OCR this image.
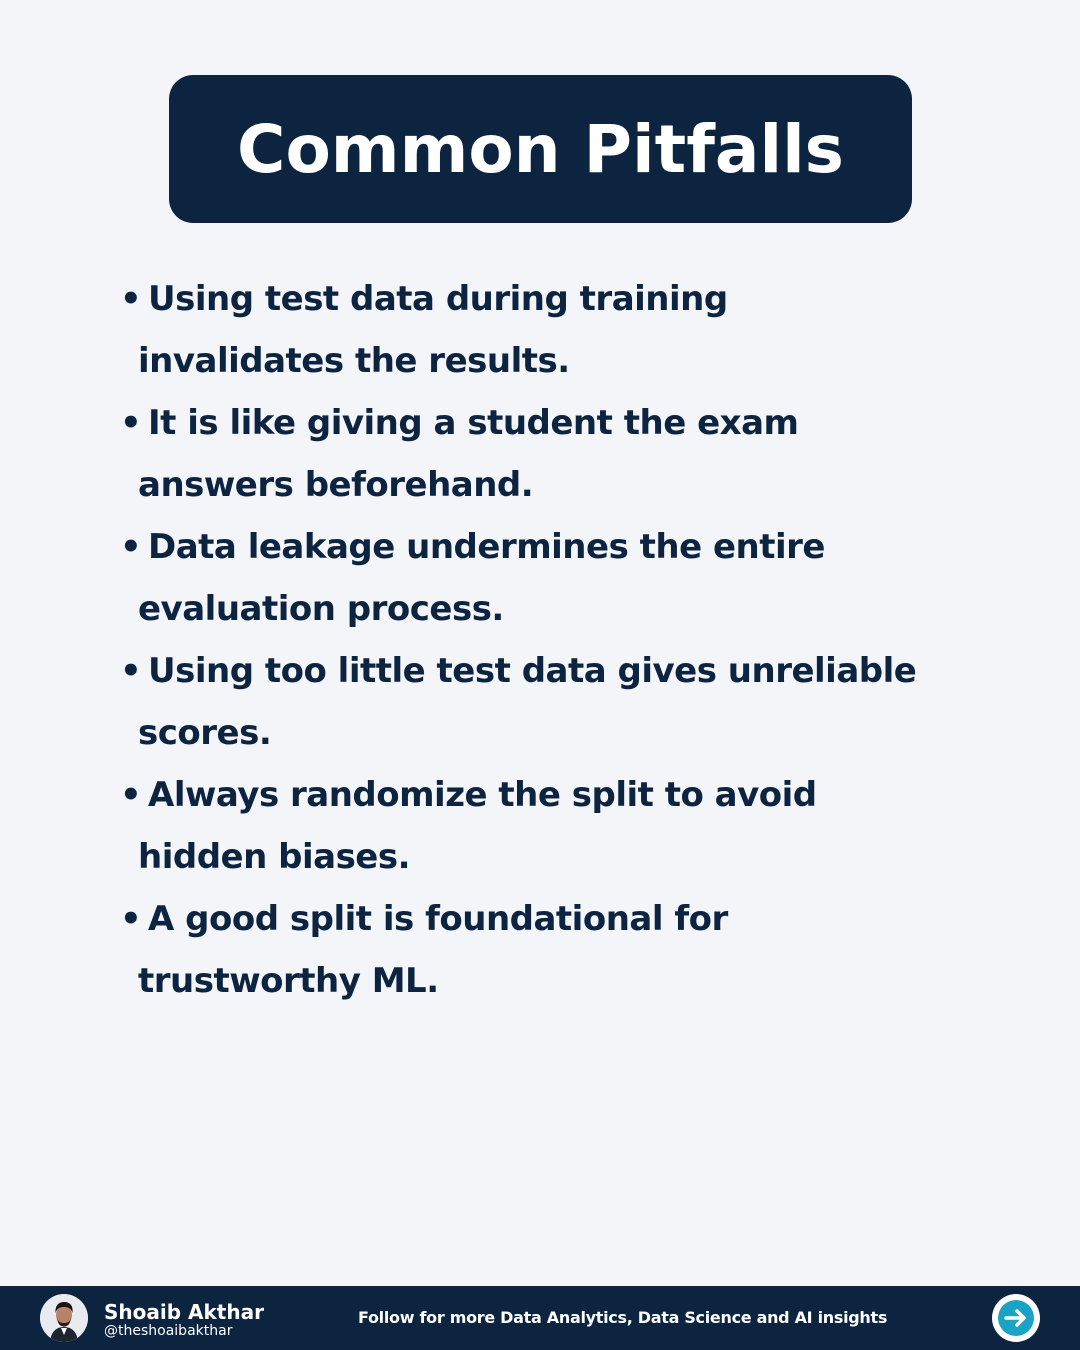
Common Pitfalls
• Using test data during training
invalidates the results.
• It is like giving a student the exam
answers beforehand.
• Data leakage undermines the entire
evaluation process.
• Using too little test data gives unreliable
scores.
• Always randomize the split to avoid
hidden biases.
• A good split is foundational for
trustworthy ML.
Shoaib Akthar
@theshoaibakthar
Follow for more Data Analytics, Data Science and AI insights
